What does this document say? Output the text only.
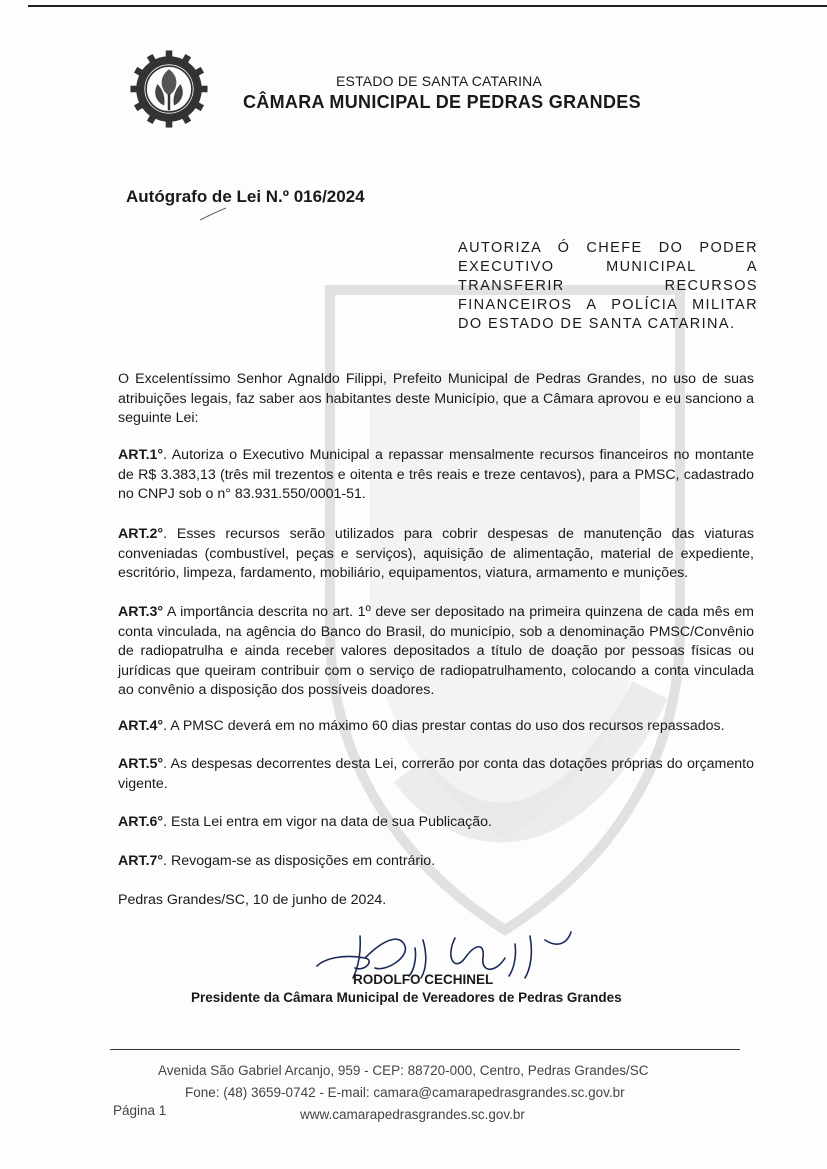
ESTADO DE SANTA CATARINA
CÂMARA MUNICIPAL DE PEDRAS GRANDES
Autógrafo de Lei N.º 016/2024
AUTORIZA Ó CHEFE DO PODER EXECUTIVO MUNICIPAL A TRANSFERIR RECURSOS FINANCEIROS A POLÍCIA MILITAR DO ESTADO DE SANTA CATARINA.
O Excelentíssimo Senhor Agnaldo Filippi, Prefeito Municipal de Pedras Grandes, no uso de suas atribuições legais, faz saber aos habitantes deste Município, que a Câmara aprovou e eu sanciono a seguinte Lei:
ART.1°. Autoriza o Executivo Municipal a repassar mensalmente recursos financeiros no montante de R$ 3.383,13 (três mil trezentos e oitenta e três reais e treze centavos), para a PMSC, cadastrado no CNPJ sob o n° 83.931.550/0001-51.
ART.2°. Esses recursos serão utilizados para cobrir despesas de manutenção das viaturas conveniadas (combustível, peças e serviços), aquisição de alimentação, material de expediente, escritório, limpeza, fardamento, mobiliário, equipamentos, viatura, armamento e munições.
ART.3° A importância descrita no art. 1º deve ser depositado na primeira quinzena de cada mês em conta vinculada, na agência do Banco do Brasil, do município, sob a denominação PMSC/Convênio de radiopatrulha e ainda receber valores depositados a título de doação por pessoas físicas ou jurídicas que queiram contribuir com o serviço de radiopatrulhamento, colocando a conta vinculada ao convênio a disposição dos possíveis doadores.
ART.4°. A PMSC deverá em no máximo 60 dias prestar contas do uso dos recursos repassados.
ART.5°. As despesas decorrentes desta Lei, correrão por conta das dotações próprias do orçamento vigente.
ART.6°. Esta Lei entra em vigor na data de sua Publicação.
ART.7°. Revogam-se as disposições em contrário.
Pedras Grandes/SC, 10 de junho de 2024.
RODOLFO CECHINEL
Presidente da Câmara Municipal de Vereadores de Pedras Grandes
Avenida São Gabriel Arcanjo, 959 - CEP: 88720-000, Centro, Pedras Grandes/SC
Fone: (48) 3659-0742 - E-mail: camara@camarapedrasgrandes.sc.gov.br
Página 1	www.camarapedrasgrandes.sc.gov.br
